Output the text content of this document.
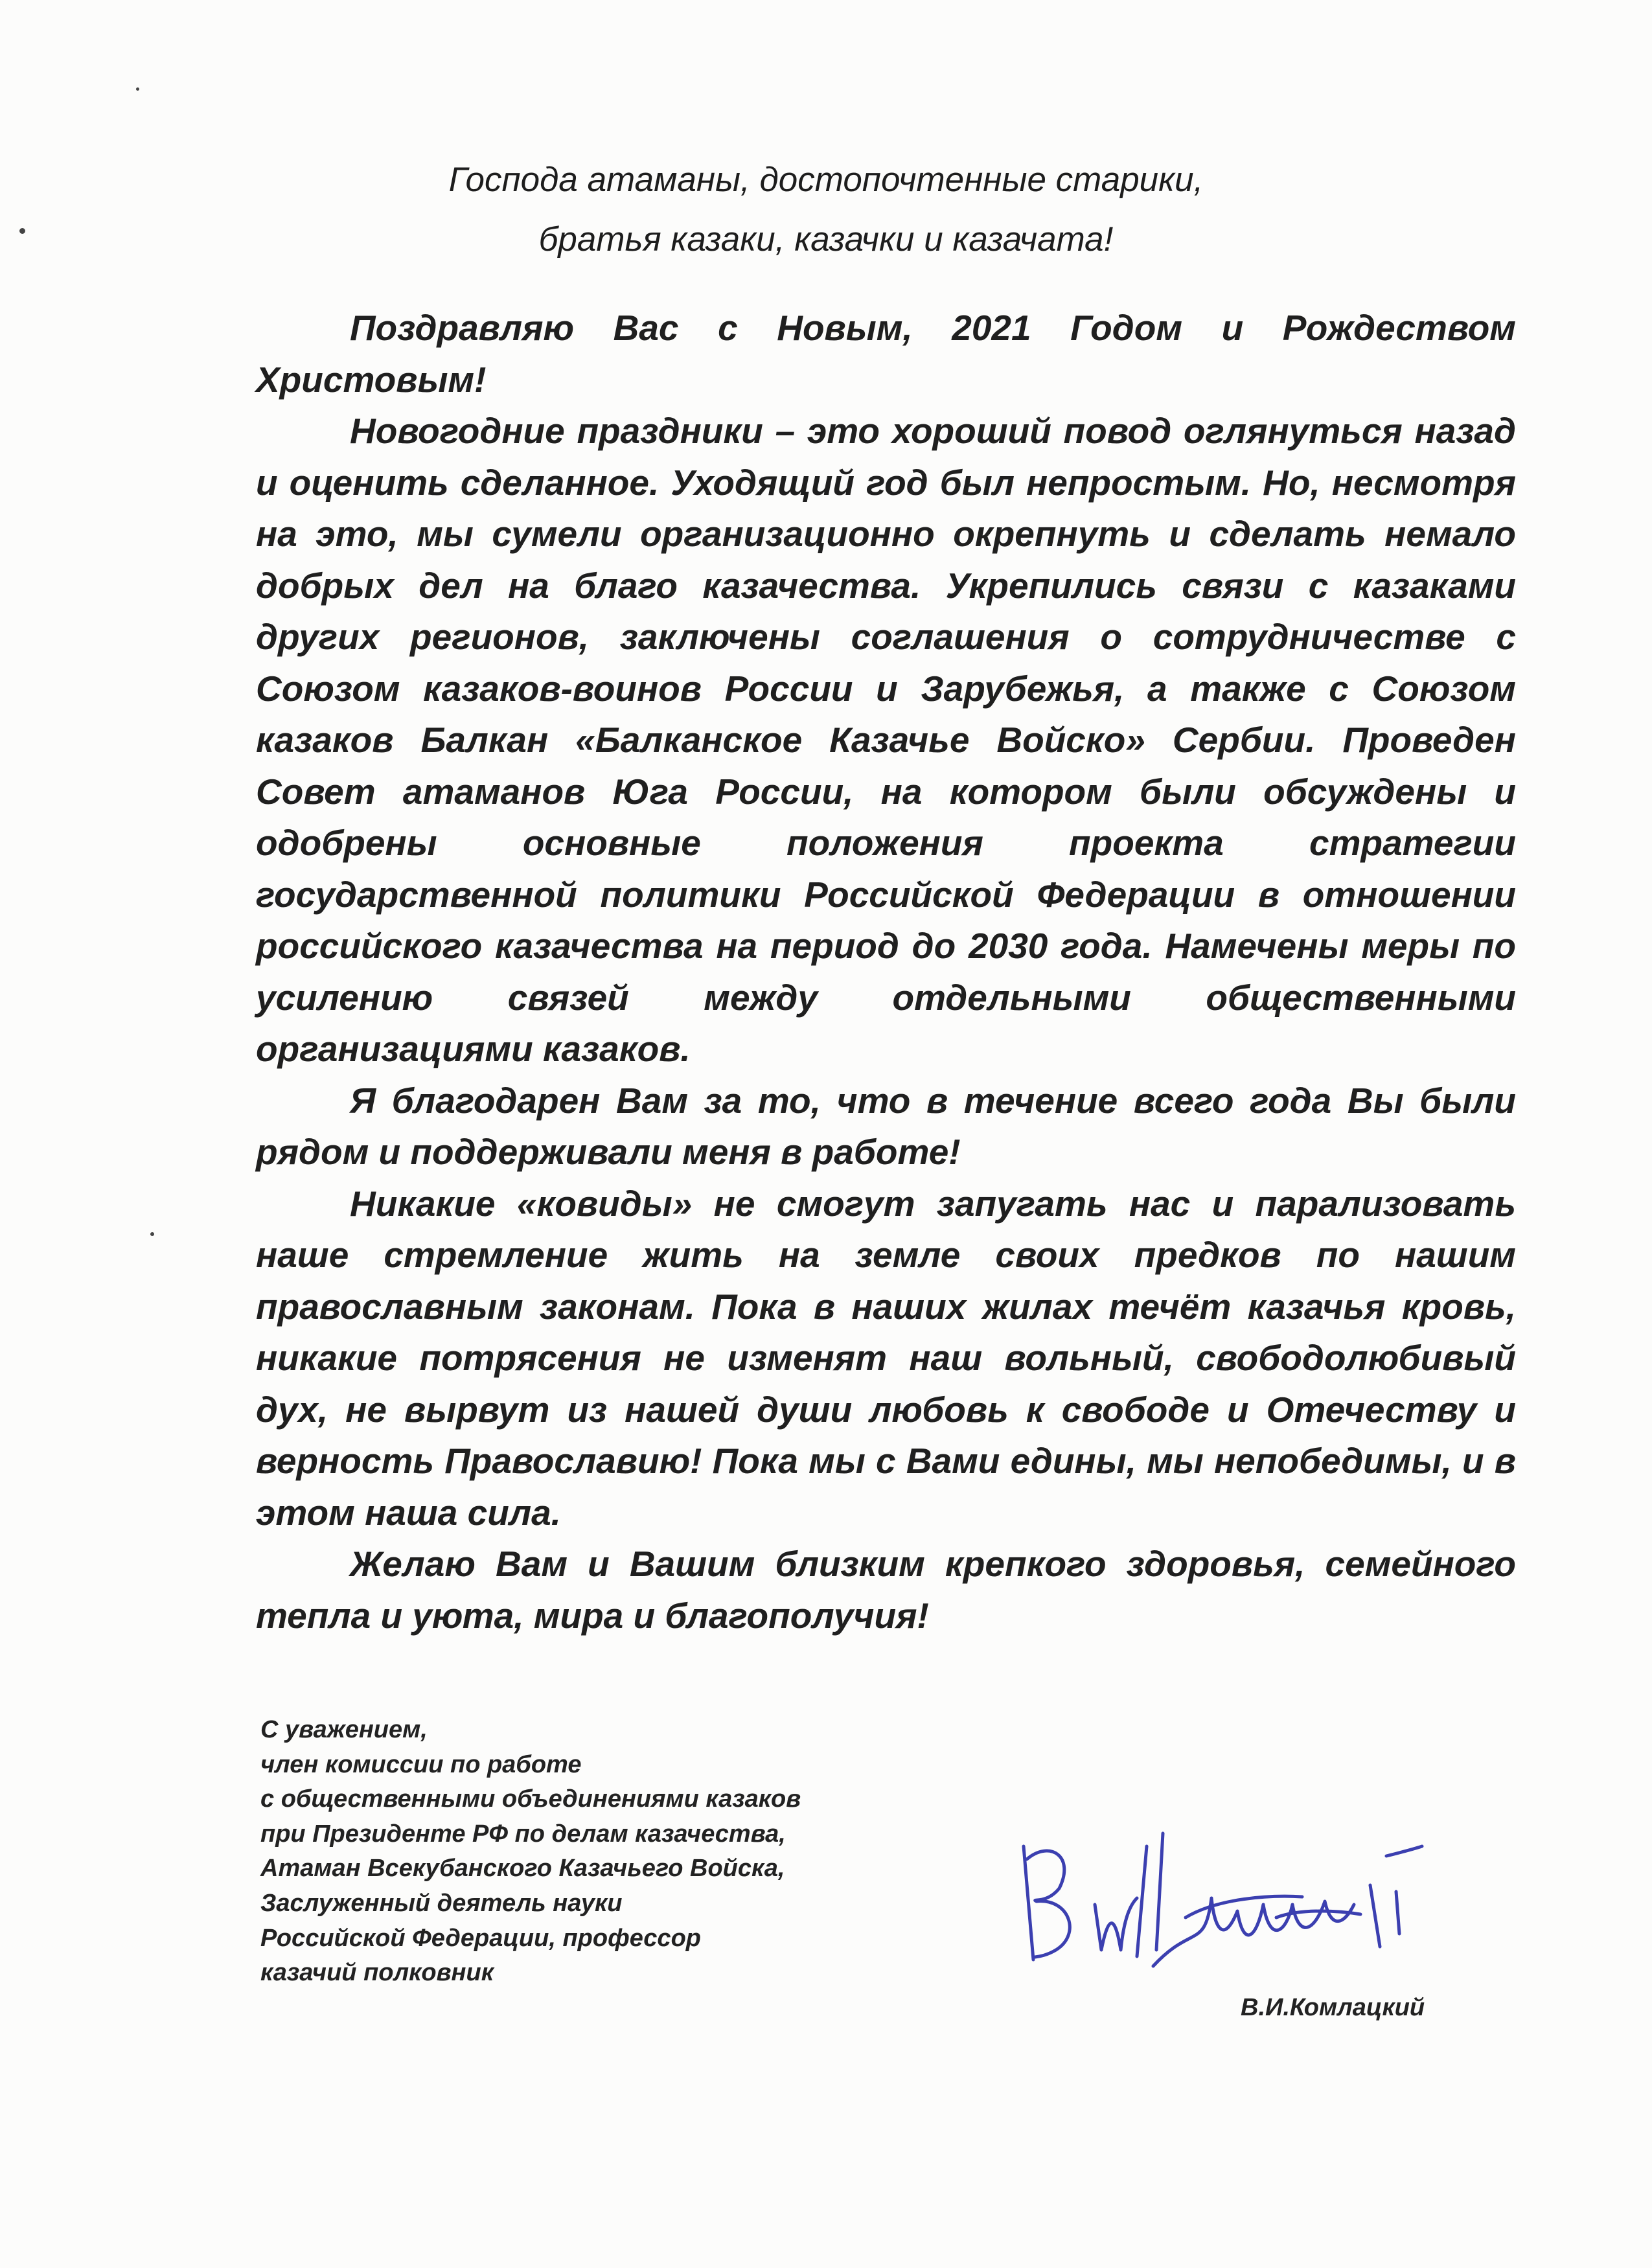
Господа атаманы, достопочтенные старики,
братья казаки, казачки и казачата!

Поздравляю Вас с Новым, 2021 Годом и Рождеством Христовым!

Новогодние праздники – это хороший повод оглянуться назад и оценить сделанное. Уходящий год был непростым. Но, несмотря на это, мы сумели организационно окрепнуть и сделать немало добрых дел на благо казачества. Укрепились связи с казаками других регионов, заключены соглашения о сотрудничестве с Союзом казаков-воинов России и Зарубежья, а также с Союзом казаков Балкан «Балканское Казачье Войско» Сербии. Проведен Совет атаманов Юга России, на котором были обсуждены и одобрены основные положения проекта стратегии государственной политики Российской Федерации в отношении российского казачества на период до 2030 года. Намечены меры по усилению связей между отдельными общественными организациями казаков.

Я благодарен Вам за то, что в течение всего года Вы были рядом и поддерживали меня в работе!

Никакие «ковиды» не смогут запугать нас и парализовать наше стремление жить на земле своих предков по нашим православным законам. Пока в наших жилах течёт казачья кровь, никакие потрясения не изменят наш вольный, свободолюбивый дух, не вырвут из нашей души любовь к свободе и Отечеству и верность Православию! Пока мы с Вами едины, мы непобедимы, и в этом наша сила.

Желаю Вам и Вашим близким крепкого здоровья, семейного тепла и уюта, мира и благополучия!

С уважением,
член комиссии по работе
с общественными объединениями казаков
при Президенте РФ по делам казачества,
Атаман Всекубанского Казачьего Войска,
Заслуженный деятель науки
Российской Федерации, профессор
казачий полковник
В.И.Комлацкий
